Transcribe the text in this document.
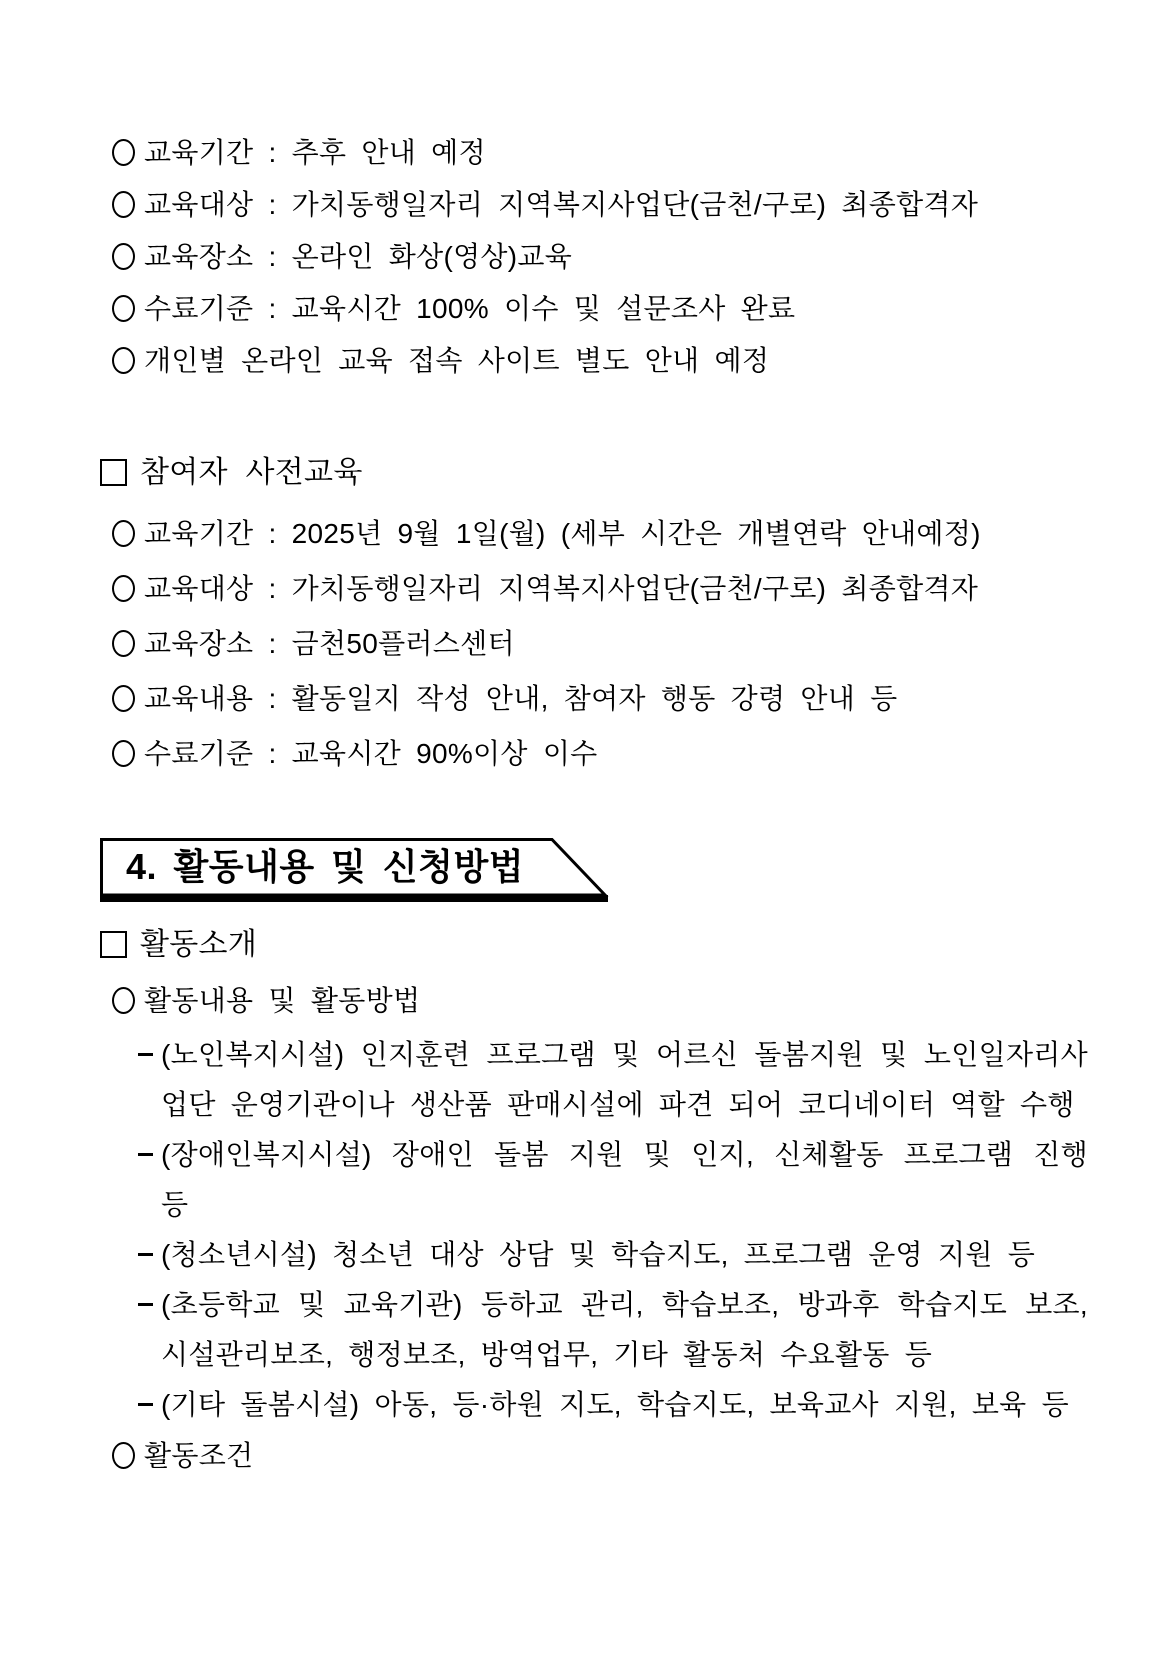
교육기간 : 추후 안내 예정
교육대상 : 가치동행일자리 지역복지사업단(금천/구로) 최종합격자
교육장소 : 온라인 화상(영상)교육
수료기준 : 교육시간 100% 이수 및 설문조사 완료
개인별 온라인 교육 접속 사이트 별도 안내 예정
참여자 사전교육
교육기간 : 2025년 9월 1일(월) (세부 시간은 개별연락 안내예정)
교육대상 : 가치동행일자리 지역복지사업단(금천/구로) 최종합격자
교육장소 : 금천50플러스센터
교육내용 : 활동일지 작성 안내, 참여자 행동 강령 안내 등
수료기준 : 교육시간 90%이상 이수
4. 활동내용 및 신청방법
활동소개
활동내용 및 활동방법
(노인복지시설) 인지훈련 프로그램 및 어르신 돌봄지원 및 노인일자리사업단 운영기관이나 생산품 판매시설에 파견 되어 코디네이터 역할 수행
(장애인복지시설) 장애인 돌봄 지원 및 인지, 신체활동 프로그램 진행 등
(청소년시설) 청소년 대상 상담 및 학습지도, 프로그램 운영 지원 등
(초등학교 및 교육기관) 등하교 관리, 학습보조, 방과후 학습지도 보조, 시설관리보조, 행정보조, 방역업무, 기타 활동처 수요활동 등
(기타 돌봄시설) 아동, 등·하원 지도, 학습지도, 보육교사 지원, 보육 등
활동조건
